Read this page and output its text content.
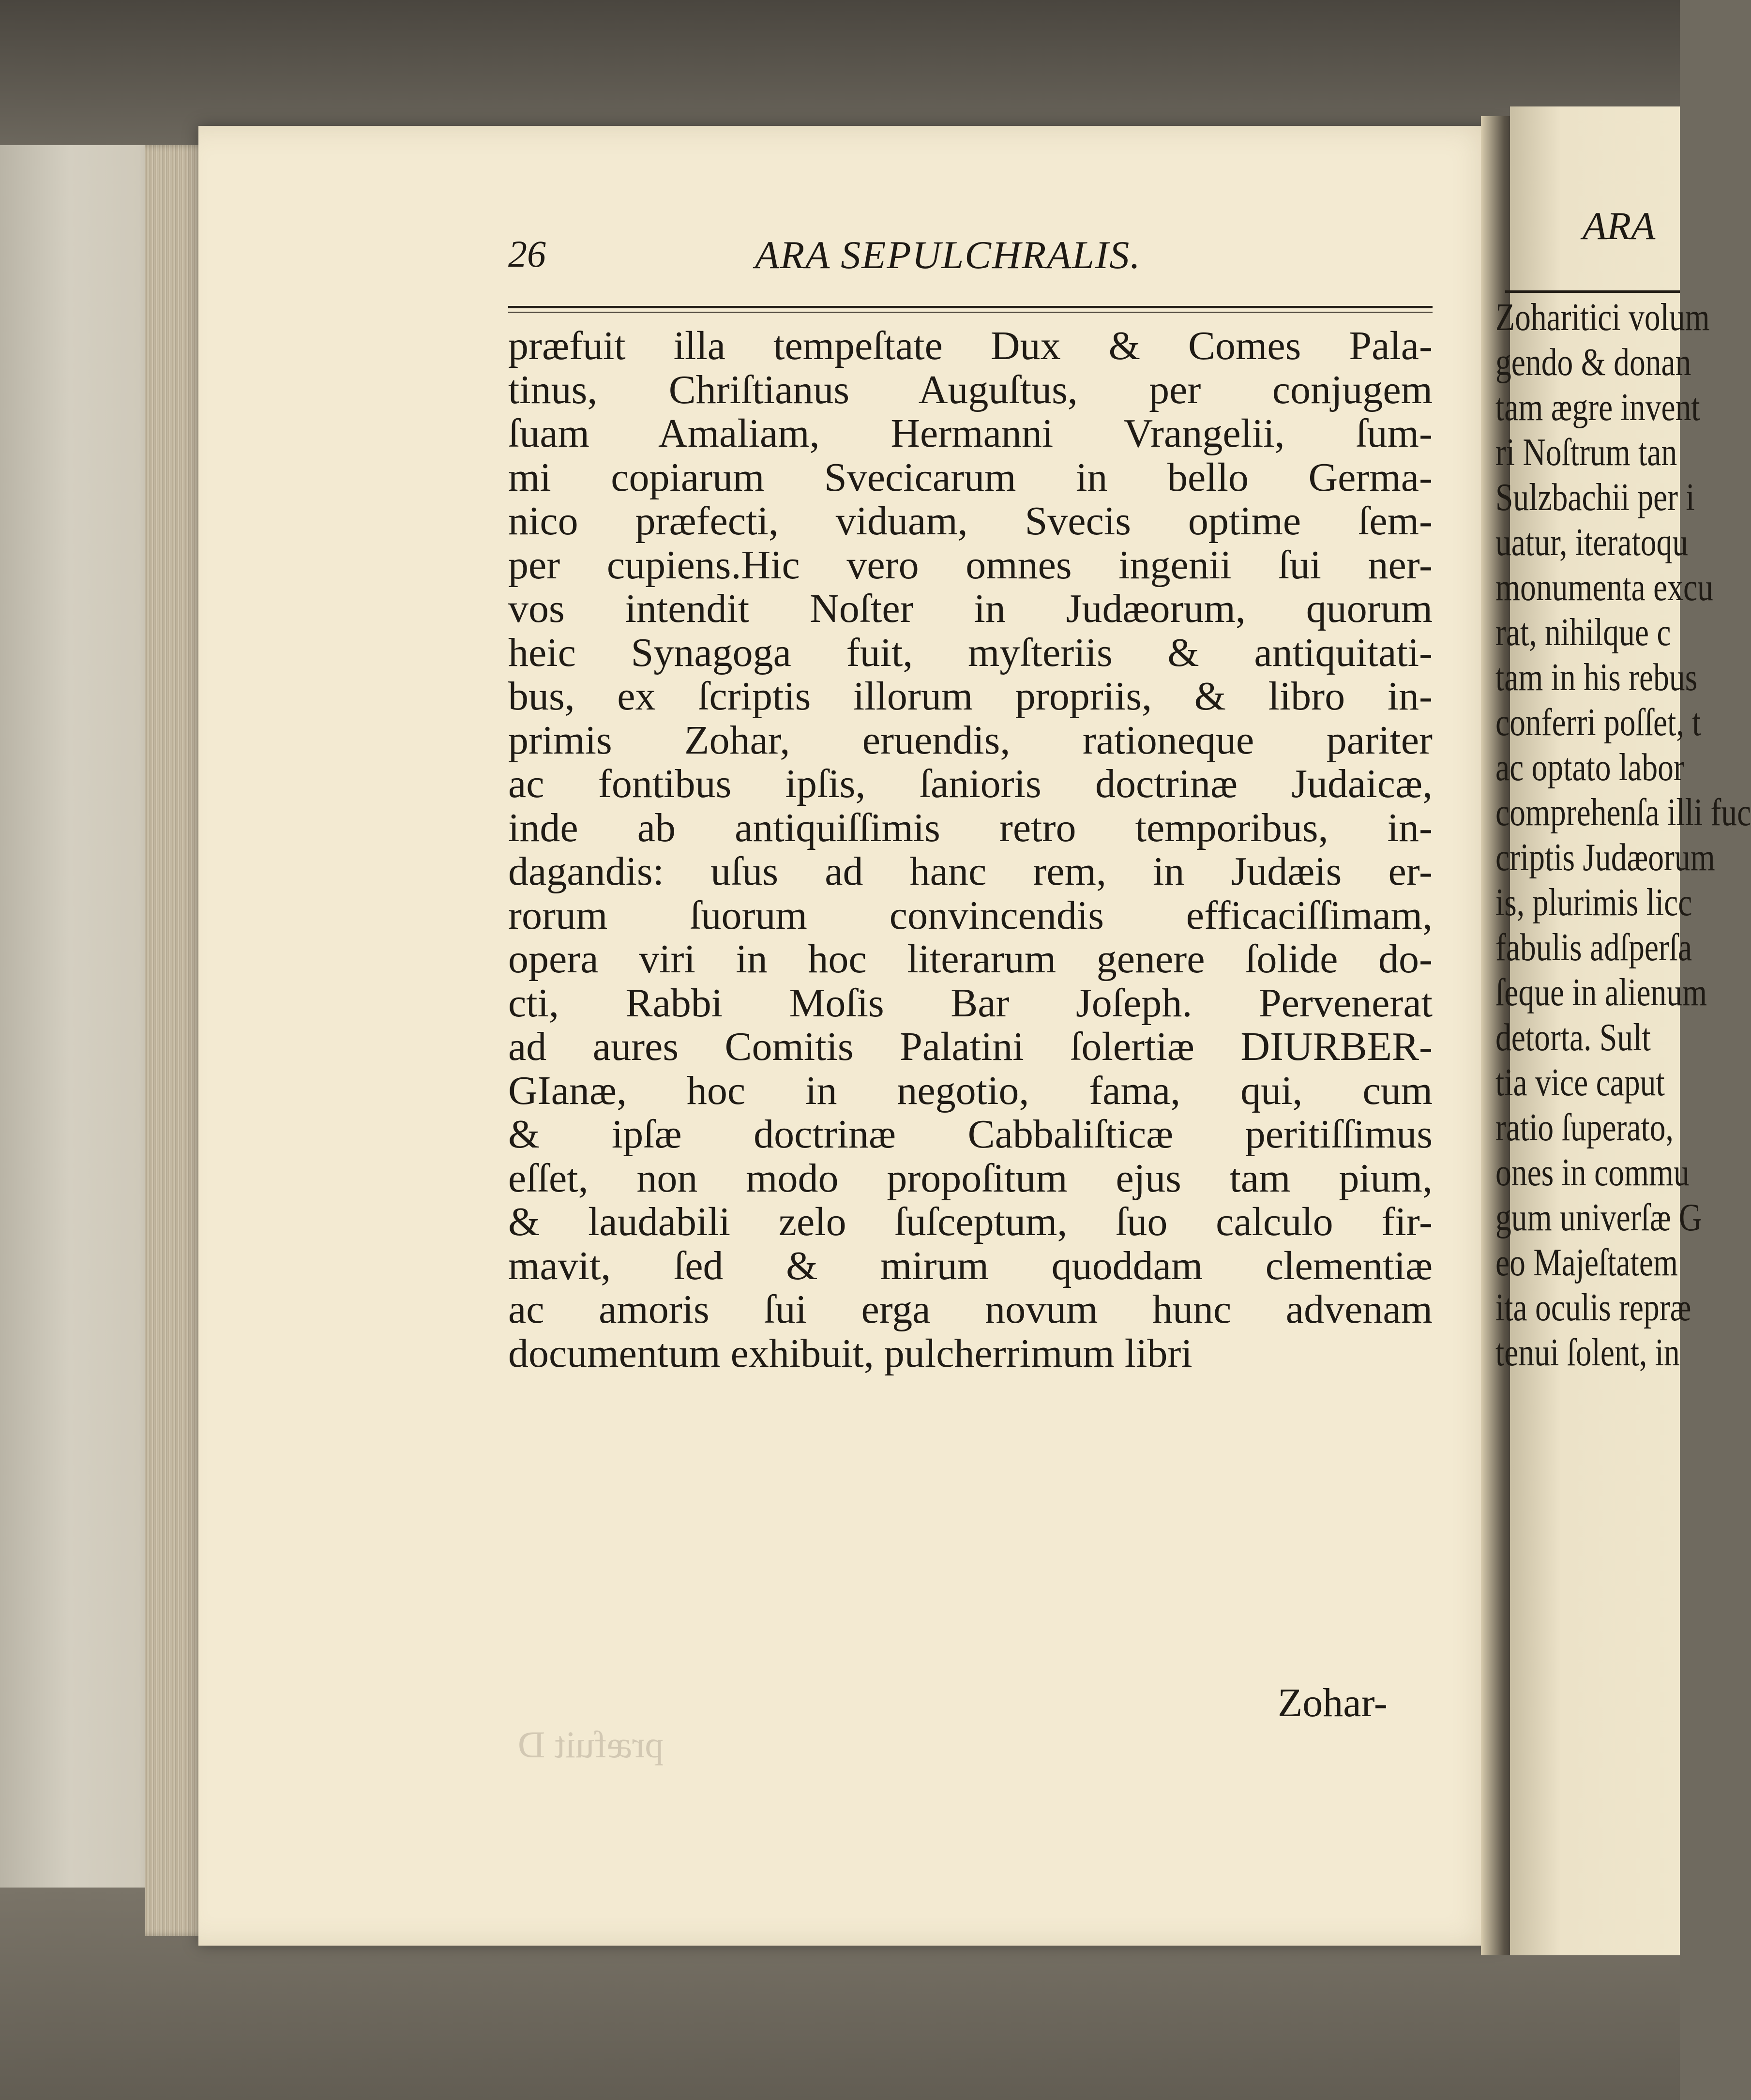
26	ARA SEPULCHRALIS.
præfuit illa tempeſtate Dux & Comes Pala-
tinus, Chriſtianus Auguſtus, per conjugem
ſuam Amaliam, Hermanni Vrangelii, ſum-
mi copiarum Svecicarum in bello Germa-
nico præfecti, viduam, Svecis optime ſem-
per cupiens.Hic vero omnes ingenii ſui ner-
vos intendit Noſter in Judæorum, quorum
heic Synagoga fuit, myſteriis & antiquitati-
bus, ex ſcriptis illorum propriis, & libro in-
primis Zohar, eruendis, rationeque pariter
ac fontibus ipſis, ſanioris doctrinæ Judaicæ,
inde ab antiquiſſimis retro temporibus, in-
dagandis: uſus ad hanc rem, in Judæis er-
rorum ſuorum convincendis efficaciſſimam,
opera viri in hoc literarum genere ſolide do-
cti, Rabbi Moſis Bar Joſeph. Pervenerat
ad aures Comitis Palatini ſolertiæ DIURBER-
GIanæ, hoc in negotio, fama, qui, cum
& ipſæ doctrinæ Cabbaliſticæ peritiſſimus
eſſet, non modo propoſitum ejus tam pium,
& laudabili zelo ſuſceptum, ſuo calculo fir-
mavit, ſed & mirum quoddam clementiæ
ac amoris ſui erga novum hunc advenam
documentum exhibuit, pulcherrimum libri
Zohar-
præfuit D
ARA
Zoharitici volum
gendo & donan
tam ægre invent
ri Noſtrum tan
Sulzbachii per i
uatur, iteratoqu
monumenta excu
rat, nihilque c
tam in his rebus
conferri poſſet, t
ac optato labor
comprehenſa illi fuc
criptis Judæorum
is, plurimis licc
fabulis adſperſa
ſeque in alienum
detorta. Sult
tia vice caput
ratio ſuperato,
ones in commu
gum univerſæ G
eo Majeſtatem
ita oculis repræ
tenui ſolent, in
